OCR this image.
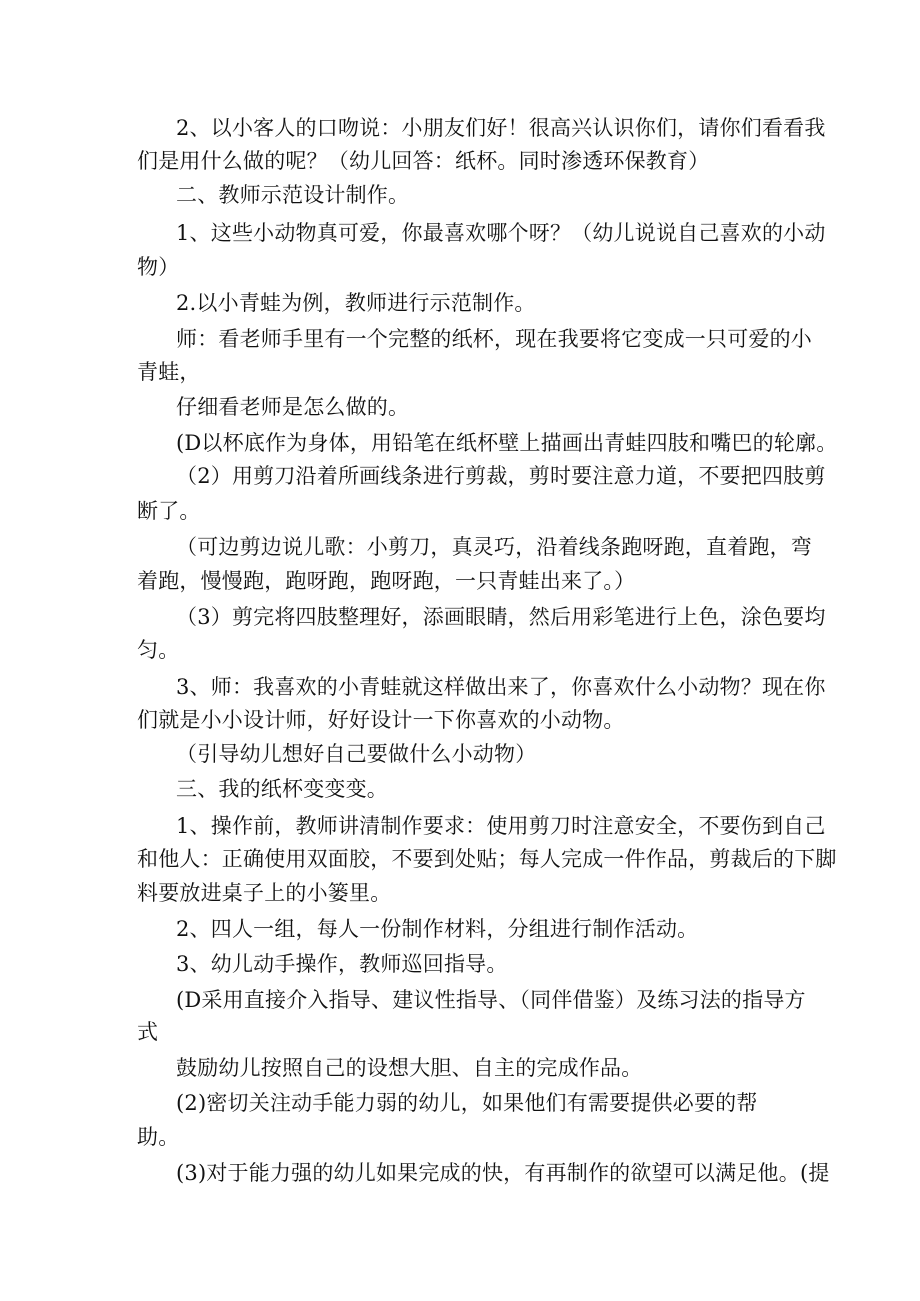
2、以小客人的口吻说：小朋友们好！很高兴认识你们，请你们看看我
们是用什么做的呢？（幼儿回答：纸杯。同时渗透环保教育）
二、教师示范设计制作。
1、这些小动物真可爱，你最喜欢哪个呀？（幼儿说说自己喜欢的小动
物）
2.以小青蛙为例，教师进行示范制作。
师：看老师手里有一个完整的纸杯，现在我要将它变成一只可爱的小
青蛙，
仔细看老师是怎么做的。
(D以杯底作为身体，用铅笔在纸杯壁上描画出青蛙四肢和嘴巴的轮廓。
（2）用剪刀沿着所画线条进行剪裁，剪时要注意力道，不要把四肢剪
断了。
（可边剪边说儿歌：小剪刀，真灵巧，沿着线条跑呀跑，直着跑，弯
着跑，慢慢跑，跑呀跑，跑呀跑，一只青蛙出来了。）
（3）剪完将四肢整理好，添画眼睛，然后用彩笔进行上色，涂色要均
匀。
3、师：我喜欢的小青蛙就这样做出来了，你喜欢什么小动物？现在你
们就是小小设计师，好好设计一下你喜欢的小动物。
（引导幼儿想好自己要做什么小动物）
三、我的纸杯变变变。
1、操作前，教师讲清制作要求：使用剪刀时注意安全，不要伤到自己
和他人：正确使用双面胶，不要到处贴；每人完成一件作品，剪裁后的下脚
料要放进桌子上的小篓里。
2、四人一组，每人一份制作材料，分组进行制作活动。
3、幼儿动手操作，教师巡回指导。
(D采用直接介入指导、建议性指导、（同伴借鉴）及练习法的指导方
式
鼓励幼儿按照自己的设想大胆、自主的完成作品。
(2)密切关注动手能力弱的幼儿，如果他们有需要提供必要的帮
助。
(3)对于能力强的幼儿如果完成的快，有再制作的欲望可以满足他。(提
